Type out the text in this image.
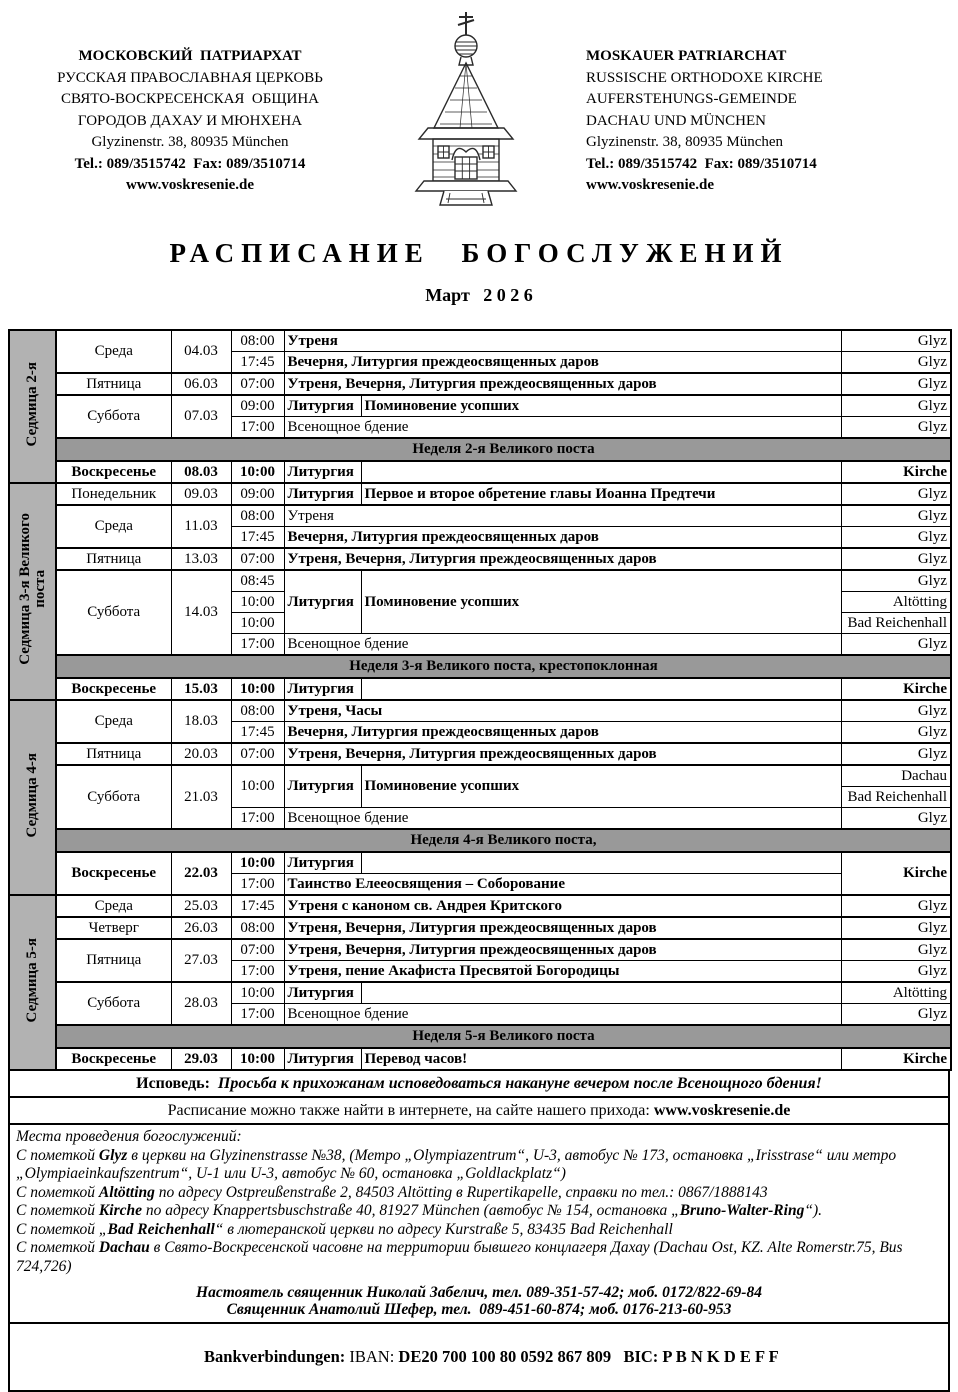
МОСКОВСКИЙ  ПАТРИАРХАТ
РУССКАЯ ПРАВОСЛАВНАЯ ЦЕРКОВЬ
СВЯТО-ВОСКРЕСЕНСКАЯ  ОБЩИНА
ГОРОДОВ ДАХАУ И МЮНХЕНА
Glyzinenstr. 38, 80935 München
Tel.: 089/3515742  Fax: 089/3510714
www.voskresenie.de
MOSKAUER PATRIARCHAT
RUSSISCHE ORTHODOXE KIRCHE
AUFERSTEHUNGS-GEMEINDE
DACHAU UND MÜNCHEN
Glyzinenstr. 38, 80935 München
Tel.: 089/3515742  Fax: 089/3510714
www.voskresenie.de
РАСПИСАНИЕ БОГОСЛУЖЕНИЙ
Март   2 0 2 6
Седмица 2-я	Среда	04.03	08:00	Утреня		Glyz
			17:45	Вечерня, Литургия преждеосвященных даров		Glyz
	Пятница	06.03	07:00	Утреня, Вечерня, Литургия преждеосвященных даров		Glyz
	Суббота	07.03	09:00	Литургия	Поминовение усопших	Glyz
			17:00	Всенощное бдение		Glyz
	Неделя 2-я Великого поста					
	Воскресенье	08.03	10:00	Литургия		Kirche

Седмица 3-я Великого поста	Понедельник	09.03	09:00	Литургия	Первое и второе обретение главы Иоанна Предтечи	Glyz
	Среда	11.03	08:00	Утреня		Glyz
			17:45	Вечерня, Литургия преждеосвященных даров		Glyz
	Пятница	13.03	07:00	Утреня, Вечерня, Литургия преждеосвященных даров		Glyz
	Суббота	14.03	08:45	Литургия	Поминовение усопших	Glyz
			10:00			Altötting
			10:00			Bad Reichenhall
			17:00	Всенощное бдение		Glyz
	Неделя 3-я Великого поста, крестопоклонная					
	Воскресенье	15.03	10:00	Литургия		Kirche

Седмица 4-я	Среда	18.03	08:00	Утреня, Часы		Glyz
			17:45	Вечерня, Литургия преждеосвященных даров		Glyz
	Пятница	20.03	07:00	Утреня, Вечерня, Литургия преждеосвященных даров		Glyz
	Суббота	21.03	10:00	Литургия	Поминовение усопших	Dachau
						Bad Reichenhall
			17:00	Всенощное бдение		Glyz
	Неделя 4-я Великого поста,					
	Воскресенье	22.03	10:00	Литургия		Kirche
			17:00	Таинство Елееосвящения – Соборование		

Седмица 5-я	Среда	25.03	17:45	Утреня с каноном св. Андрея Критского		Glyz
	Четверг	26.03	08:00	Утреня, Вечерня, Литургия преждеосвященных даров		Glyz
	Пятница	27.03	07:00	Утреня, Вечерня, Литургия преждеосвященных даров		Glyz
			17:00	Утреня, пение Акафиста Пресвятой Богородицы		Glyz
	Суббота	28.03	10:00	Литургия		Altötting
			17:00	Всенощное бдение		Glyz
	Неделя 5-я Великого поста					
	Воскресенье	29.03	10:00	Литургия	Перевод часов!	Kirche
Исповедь: Просьба к прихожанам исповедоваться накануне вечером после Всенощного бдения!
Расписание можно также найти в интернете, на сайте нашего прихода: www.voskresenie.de
Места проведения богослужений:
С пометкой Glyz в церкви на Glyzinenstrasse №38, (Метро „Olympiazentrum“, U-3, автобус № 173, остановка „Irisstrase“ или метро „Olympiaeinkaufszentrum“, U-1 или U-3, автобус № 60, остановка „Goldlackplatz“)
С пометкой Altötting по адресу Ostpreußenstraße 2, 84503 Altötting в Rupertikapelle, справки по тел.: 0867/1888143
С пометкой Kirche по адресу Knappertsbuschstraße 40, 81927 München (автобус № 154, остановка „Bruno-Walter-Ring“).
С пометкой „Bad Reichenhall“ в лютеранской церкви по адресу Kurstraße 5, 83435 Bad Reichenhall
С пометкой Dachau в Свято-Воскресенской часовне на территории бывшего концлагеря Дахау (Dachau Ost, KZ. Alte Romerstr.75, Bus 724,726)
Настоятель священник Николай Забелич, тел. 089-351-57-42; моб. 0172/822-69-84
Священник Анатолий Шефер, тел.  089-451-60-874; моб. 0176-213-60-953

Bankverbindungen: IBAN: DE20 700 100 80 0592 867 809 BIC: P B N K D E F F
